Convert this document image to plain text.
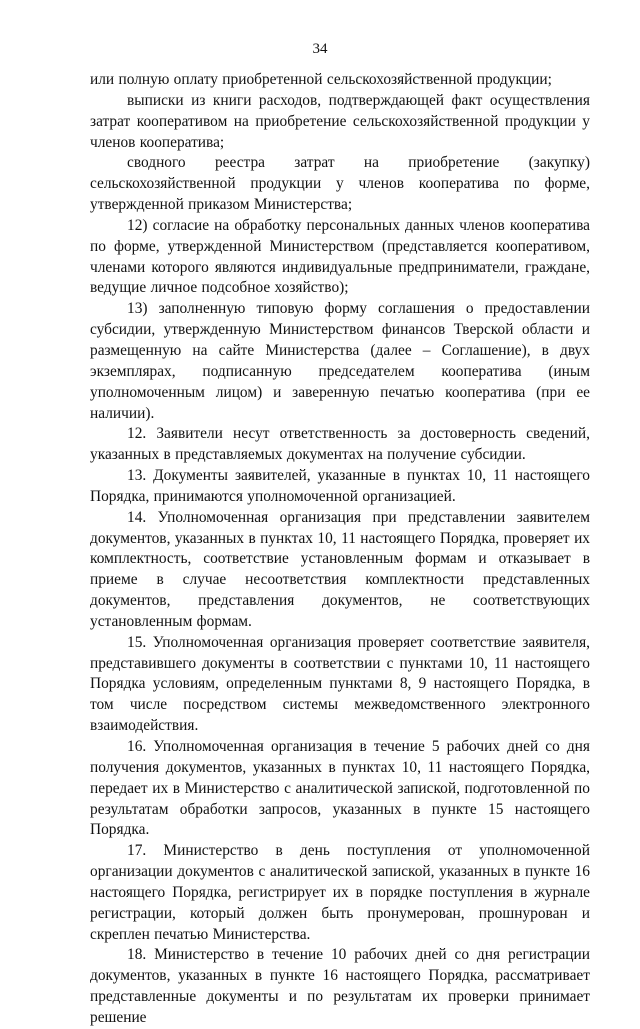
34

или полную оплату приобретенной сельскохозяйственной продукции;

выписки из книги расходов, подтверждающей факт осуществления затрат кооперативом на приобретение сельскохозяйственной продукции у членов кооператива;

сводного реестра затрат на приобретение (закупку) сельскохозяйственной продукции у членов кооператива по форме, утвержденной приказом Министерства;

12) согласие на обработку персональных данных членов кооператива по форме, утвержденной Министерством (представляется кооперативом, членами которого являются индивидуальные предприниматели, граждане, ведущие личное подсобное хозяйство);

13) заполненную типовую форму соглашения о предоставлении субсидии, утвержденную Министерством финансов Тверской области и размещенную на сайте Министерства (далее – Соглашение), в двух экземплярах, подписанную председателем кооператива (иным уполномоченным лицом) и заверенную печатью кооператива (при ее наличии).

12. Заявители несут ответственность за достоверность сведений, указанных в представляемых документах на получение субсидии.

13. Документы заявителей, указанные в пунктах 10, 11 настоящего Порядка, принимаются уполномоченной организацией.

14. Уполномоченная организация при представлении заявителем документов, указанных в пунктах 10, 11 настоящего Порядка, проверяет их комплектность, соответствие установленным формам и отказывает в приеме в случае несоответствия комплектности представленных документов, представления документов, не соответствующих установленным формам.

15. Уполномоченная организация проверяет соответствие заявителя, представившего документы в соответствии с пунктами 10, 11 настоящего Порядка условиям, определенным пунктами 8, 9 настоящего Порядка, в том числе посредством системы межведомственного электронного взаимодействия.

16. Уполномоченная организация в течение 5 рабочих дней со дня получения документов, указанных в пунктах 10, 11 настоящего Порядка, передает их в Министерство с аналитической запиской, подготовленной по результатам обработки запросов, указанных в пункте 15 настоящего Порядка.

17. Министерство в день поступления от уполномоченной организации документов с аналитической запиской, указанных в пункте 16 настоящего Порядка, регистрирует их в порядке поступления в журнале регистрации, который должен быть пронумерован, прошнурован и скреплен печатью Министерства.

18. Министерство в течение 10 рабочих дней со дня регистрации документов, указанных в пункте 16 настоящего Порядка, рассматривает представленные документы и по результатам их проверки принимает решение
